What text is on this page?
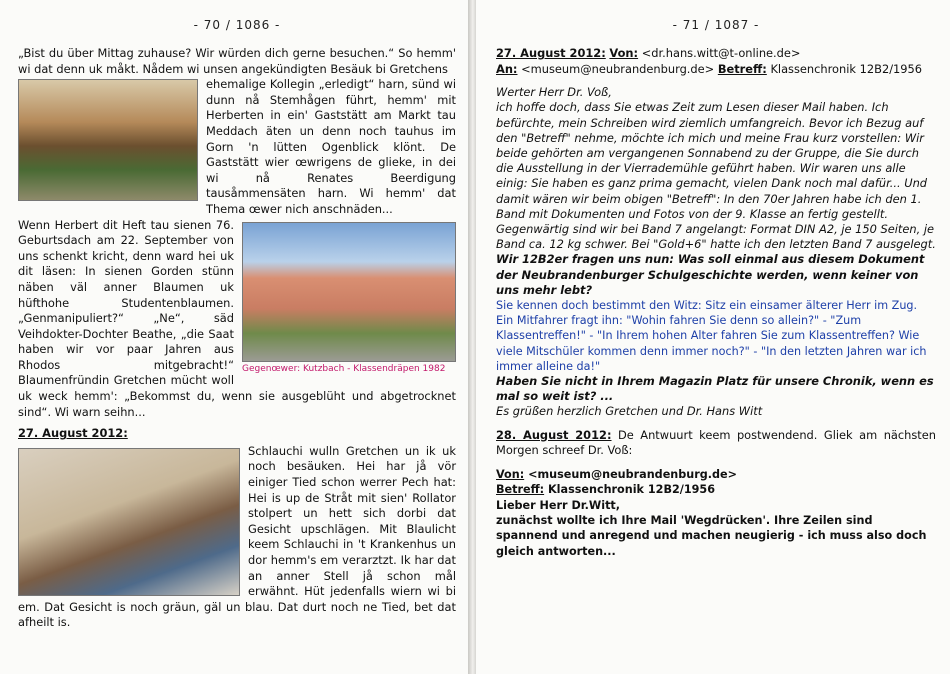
- 70 / 1086 -

„Bist du über Mittag zuhause? Wir würden dich gerne besuchen.“ So hemm' wi dat denn uk måkt. Nådem wi unsen angekündigten Besäuk bi Gretchens

ehemalige Kollegin „erledigt“ harn, sünd wi dunn nå Stemhågen führt, hemm' mit Herberten in ein' Gaststätt am Markt tau Meddach äten un denn noch tauhus im Gorn 'n lütten Ogenblick klönt. De Gaststätt wier œwrigens de glieke, in dei wi nå Renates Beerdigung tausåmmensäten harn. Wi hemm' dat Thema œwer nich anschnäden...

Gegenœwer: Kutzbach - Klassendräpen 1982

Wenn Herbert dit Heft tau sienen 76. Geburtsdach am 22. September von uns schenkt kricht, denn ward hei uk dit läsen: In sienen Gorden stünn näben väl anner Blaumen uk hüfthohe Studentenblaumen. „Genmanipuliert?“ „Ne“, säd Veihdokter-Dochter Beathe, „die Saat haben wir vor paar Jahren aus Rhodos mitgebracht!“ Blaumenfründin Gretchen mücht woll uk weck hemm': „Bekommst du, wenn sie ausgeblüht und abgetrocknet sind“. Wi warn seihn...

27. August 2012:

Schlauchi wulln Gretchen un ik uk noch besäuken. Hei har jå vör einiger Tied schon werrer Pech hat: Hei is up de Stråt mit sien' Rollator stolpert un hett sich dorbi dat Gesicht upschlägen. Mit Blaulicht keem Schlauchi in 't Krankenhus un dor hemm's em verarztzt. Ik har dat an anner Stell jå schon mål erwähnt. Hüt jedenfalls wiern wi bi em. Dat Gesicht is noch gräun, gäl un blau. Dat durt noch ne Tied, bet dat afheilt is.

- 71 / 1087 -

27. August 2012: Von: <dr.hans.witt@t-online.de>

An: <museum@neubrandenburg.de> Betreff: Klassenchronik 12B2/1956

Werter Herr Dr. Voß,

ich hoffe doch, dass Sie etwas Zeit zum Lesen dieser Mail haben. Ich befürchte, mein Schreiben wird ziemlich umfangreich. Bevor ich Bezug auf den "Betreff" nehme, möchte ich mich und meine Frau kurz vorstellen: Wir beide gehörten am vergangenen Sonnabend zu der Gruppe, die Sie durch die Ausstellung in der Vierrademühle geführt haben. Wir waren uns alle einig: Sie haben es ganz prima gemacht, vielen Dank noch mal dafür... Und damit wären wir beim obigen "Betreff": In den 70er Jahren habe ich den 1. Band mit Dokumenten und Fotos von der 9. Klasse an fertig gestellt. Gegenwärtig sind wir bei Band 7 angelangt: Format DIN A2, je 150 Seiten, je Band ca. 12 kg schwer. Bei "Gold+6" hatte ich den letzten Band 7 ausgelegt.

Wir 12B2er fragen uns nun: Was soll einmal aus diesem Dokument der Neubrandenburger Schulgeschichte werden, wenn keiner von uns mehr lebt?

Sie kennen doch bestimmt den Witz: Sitz ein einsamer älterer Herr im Zug. Ein Mitfahrer fragt ihn: "Wohin fahren Sie denn so allein?" - "Zum Klassentreffen!" - "In Ihrem hohen Alter fahren Sie zum Klassentreffen? Wie viele Mitschüler kommen denn immer noch?" - "In den letzten Jahren war ich immer alleine da!"

Haben Sie nicht in Ihrem Magazin Platz für unsere Chronik, wenn es mal so weit ist? ...

Es grüßen herzlich Gretchen und Dr. Hans Witt

28. August 2012: De Antwuurt keem postwendend. Gliek am nächsten Morgen schreef Dr. Voß:

Von: <museum@neubrandenburg.de>

Betreff: Klassenchronik 12B2/1956

Lieber Herr Dr.Witt,

zunächst wollte ich Ihre Mail 'Wegdrücken'. Ihre Zeilen sind spannend und anregend und machen neugierig - ich muss also doch gleich antworten...
